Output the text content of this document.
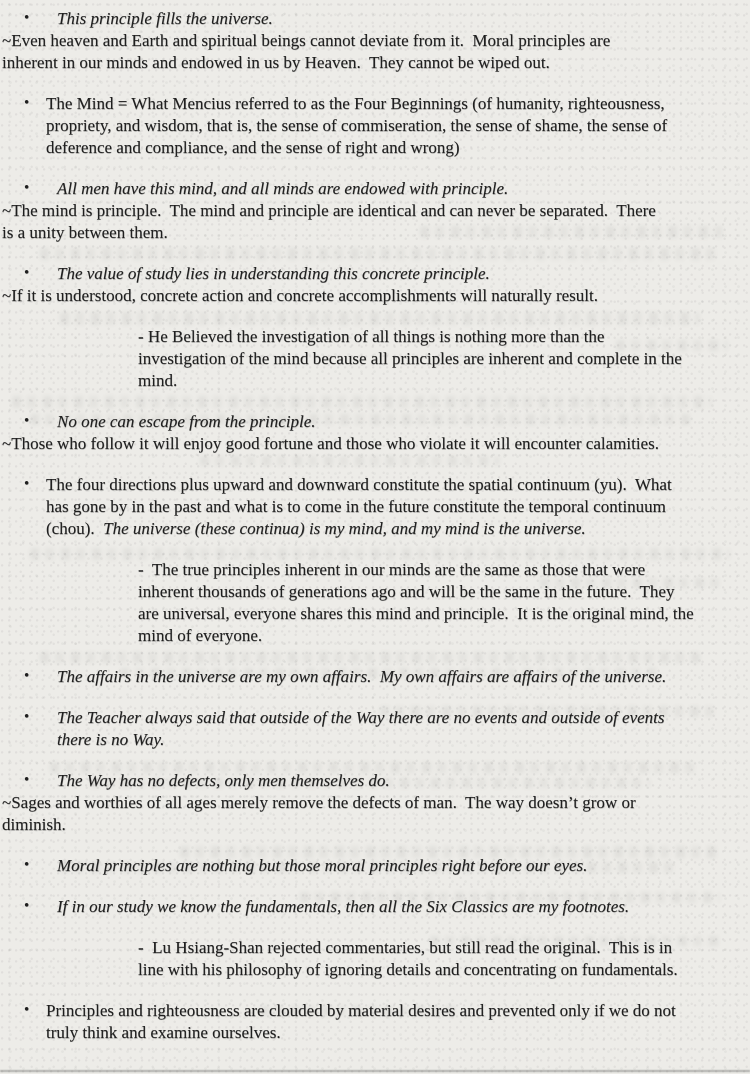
• This principle fills the universe.

~Even heaven and Earth and spiritual beings cannot deviate from it.  Moral principles are
inherent in our minds and endowed in us by Heaven.  They cannot be wiped out.

• The Mind = What Mencius referred to as the Four Beginnings (of humanity, righteousness,
propriety, and wisdom, that is, the sense of commiseration, the sense of shame, the sense of
deference and compliance, and the sense of right and wrong)

• All men have this mind, and all minds are endowed with principle.

~The mind is principle.  The mind and principle are identical and can never be separated.  There
is a unity between them.

• The value of study lies in understanding this concrete principle.

~If it is understood, concrete action and concrete accomplishments will naturally result.

- He Believed the investigation of all things is nothing more than the
investigation of the mind because all principles are inherent and complete in the
mind.

• No one can escape from the principle.

~Those who follow it will enjoy good fortune and those who violate it will encounter calamities.

• The four directions plus upward and downward constitute the spatial continuum (yu).  What
has gone by in the past and what is to come in the future constitute the temporal continuum
(chou).  The universe (these continua) is my mind, and my mind is the universe.

-  The true principles inherent in our minds are the same as those that were
inherent thousands of generations ago and will be the same in the future.  They
are universal, everyone shares this mind and principle.  It is the original mind, the
mind of everyone.

• The affairs in the universe are my own affairs.  My own affairs are affairs of the universe.

• The Teacher always said that outside of the Way there are no events and outside of events
there is no Way.

• The Way has no defects, only men themselves do.

~Sages and worthies of all ages merely remove the defects of man.  The way doesn’t grow or
diminish.

• Moral principles are nothing but those moral principles right before our eyes.

• If in our study we know the fundamentals, then all the Six Classics are my footnotes.

-  Lu Hsiang-Shan rejected commentaries, but still read the original.  This is in
line with his philosophy of ignoring details and concentrating on fundamentals.

• Principles and righteousness are clouded by material desires and prevented only if we do not
truly think and examine ourselves.
